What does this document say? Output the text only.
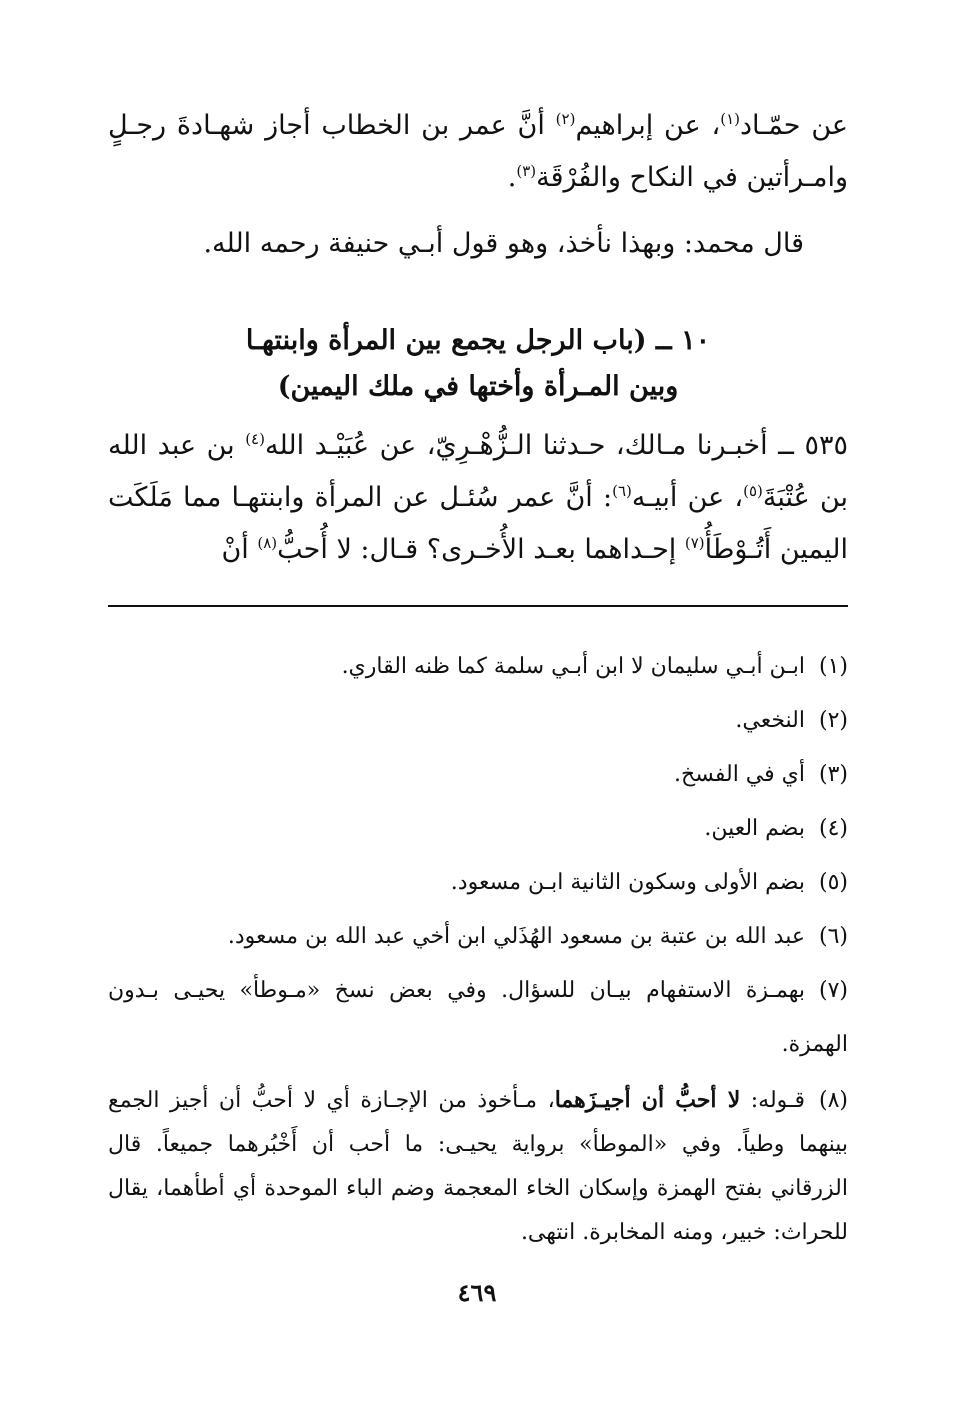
عن حمّـاد$^{(١)}$، عن إبراهيم$^{(٢)}$ أنَّ عمر بن الخطاب أجاز شهـادةَ رجـلٍ وامـرأتين في النكاح والفُرْقَة$^{(٣)}$.

قال محمد: وبهذا نأخذ، وهو قول أبـي حنيفة رحمه الله.

١٠ ــ (باب الرجل يجمع بين المرأة وابنتهـا
وبين المـرأة وأختها في ملك اليمين)

٥٣٥ ــ أخبـرنا مـالك، حـدثنا الـزُّهْـرِيّ، عن عُبَيْـد الله$^{(٤)}$ بن عبد الله بن عُتْبَةَ$^{(٥)}$، عن أبيـه$^{(٦)}$: أنَّ عمر سُئـل عن المرأة وابنتهـا مما مَلَكَت اليمين أَتُـوْطَأُ$^{(٧)}$ إحـداهما بعـد الأُخـرى؟ قـال: لا أُحبُّ$^{(٨)}$ أنْ

(١)ابـن أبـي سليمان لا ابن أبـي سلمة كما ظنه القاري.
(٢)النخعي.
(٣)أي في الفسخ.
(٤)بضم العين.
(٥)بضم الأولى وسكون الثانية ابـن مسعود.
(٦)عبد الله بن عتبة بن مسعود الهُذَلي ابن أخي عبد الله بن مسعود.
(٧)بهمـزة الاستفهام بيـان للسؤال. وفي بعض نسخ «مـوطأ» يحيـى بـدون الهمزة.
(٨)قـوله: لا أحبُّ أن أجيـزَهما، مـأخوذ من الإجـازة أي لا أحبُّ أن أجيز الجمع بينهما وطياً. وفي «الموطأ» برواية يحيـى: ما أحب أن أَخْبُرهما جميعاً. قال الزرقاني بفتح الهمزة وإسكان الخاء المعجمة وضم الباء الموحدة أي أطأهما، يقال للحراث: خبير، ومنه المخابرة. انتهى.
٤٦٩
